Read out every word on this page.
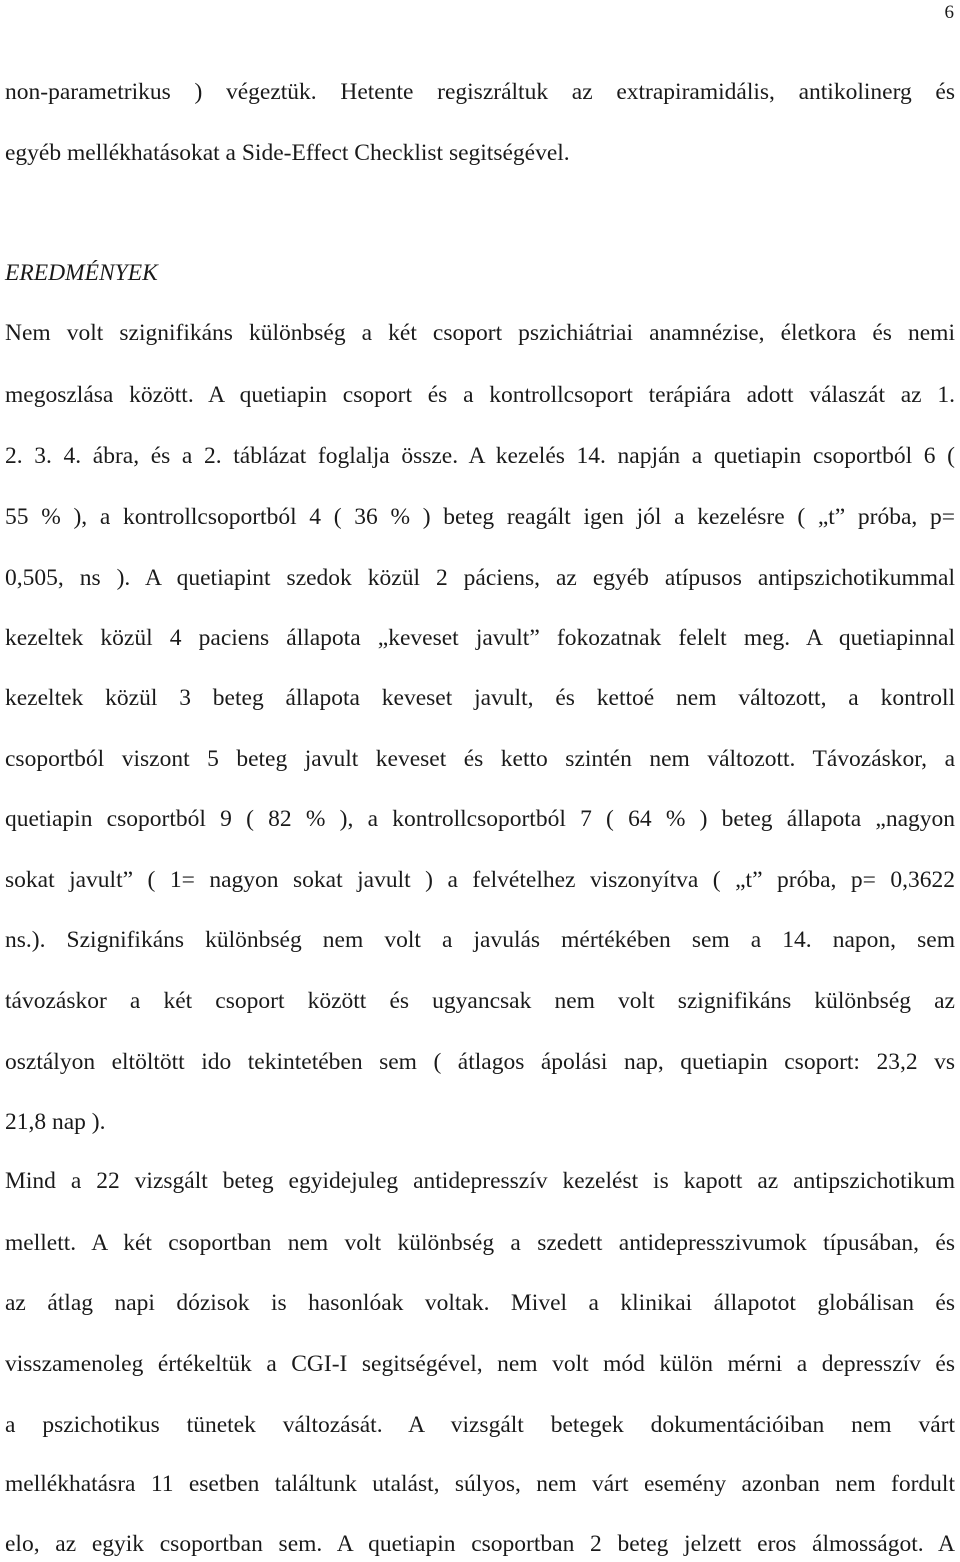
6
non-parametrikus ) végeztük. Hetente regiszráltuk az extrapiramidális, antikolinerg és
egyéb mellékhatásokat a Side-Effect Checklist segitségével.
EREDMÉNYEK
Nem volt szignifikáns különbség a két csoport pszichiátriai anamnézise, életkora és nemi
megoszlása között. A quetiapin csoport és a kontrollcsoport terápiára adott válaszát az 1.
2. 3. 4. ábra, és a 2. táblázat foglalja össze. A kezelés 14. napján a quetiapin csoportból 6 (
55 % ), a kontrollcsoportból 4 ( 36 % ) beteg reagált igen jól a kezelésre ( „t” próba, p=
0,505, ns ). A quetiapint szedok közül 2 páciens, az egyéb atípusos antipszichotikummal
kezeltek közül 4 paciens állapota „keveset javult” fokozatnak felelt meg. A quetiapinnal
kezeltek közül 3 beteg állapota keveset javult, és kettoé nem változott, a kontroll
csoportból viszont 5 beteg javult keveset és ketto szintén nem változott. Távozáskor, a
quetiapin csoportból 9 ( 82 % ), a kontrollcsoportból 7 ( 64 % ) beteg állapota „nagyon
sokat javult” ( 1= nagyon sokat javult ) a felvételhez viszonyítva ( „t” próba, p= 0,3622
ns.). Szignifikáns különbség nem volt a javulás mértékében sem a 14. napon, sem
távozáskor a két csoport között és ugyancsak nem volt szignifikáns különbség az
osztályon eltöltött ido tekintetében sem ( átlagos ápolási nap, quetiapin csoport: 23,2 vs
21,8 nap ).
Mind a 22 vizsgált beteg egyidejuleg antidepresszív kezelést is kapott az antipszichotikum
mellett. A két csoportban nem volt különbség a szedett antidepresszivumok típusában, és
az átlag napi dózisok is hasonlóak voltak. Mivel a klinikai állapotot globálisan és
visszamenoleg értékeltük a CGI-I segitségével, nem volt mód külön mérni a depresszív és
a pszichotikus tünetek változását. A vizsgált betegek dokumentációiban nem várt
mellékhatásra 11 esetben találtunk utalást, súlyos, nem várt esemény azonban nem fordult
elo, az egyik csoportban sem. A quetiapin csoportban 2 beteg jelzett eros álmosságot. A
